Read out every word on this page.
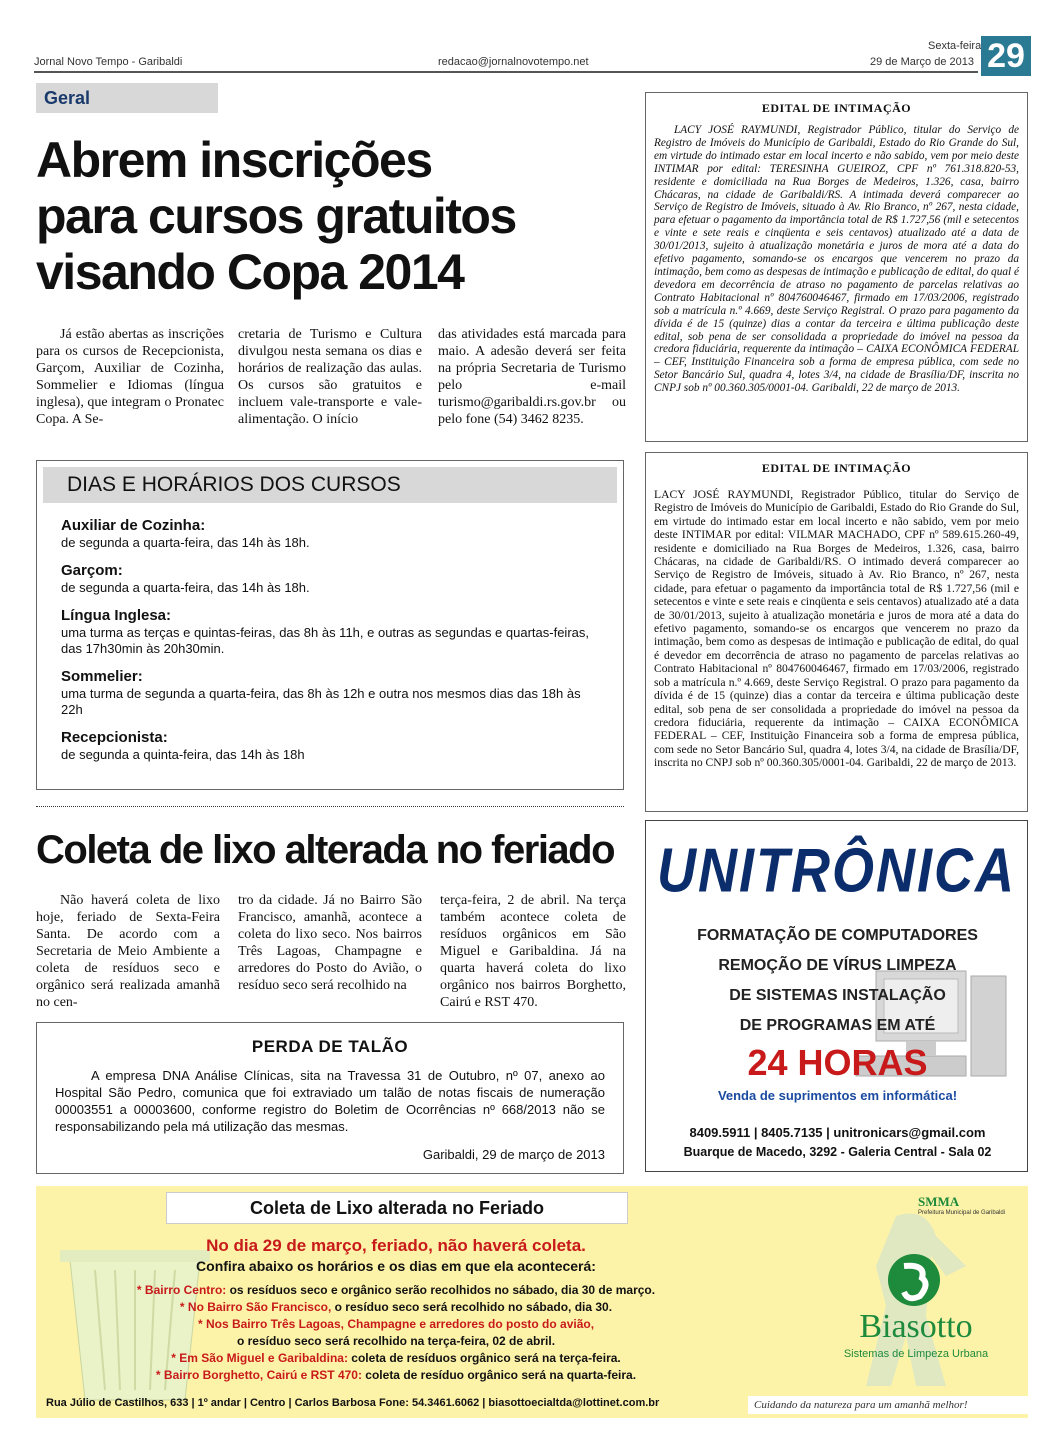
Jornal Novo Tempo - Garibaldi	redacao@jornalnovotempo.net
Sexta-feira
29 de Março de 2013 29
Geral
Abrem inscrições
para cursos gratuitos
visando Copa 2014

Já estão abertas as inscrições para os cursos de Recepcionista, Garçom, Auxiliar de Cozinha, Sommelier e Idiomas (língua inglesa), que integram o Pronatec Copa. A Se-

cretaria de Turismo e Cultura divulgou nesta semana os dias e horários de realização das aulas. Os cursos são gratuitos e incluem vale-transporte e vale-alimentação. O início

das atividades está marcada para maio. A adesão deverá ser feita na própria Secretaria de Turismo pelo e-mail turismo@garibaldi.rs.gov.br ou pelo fone (54) 3462 8235.

DIAS E HORÁRIOS DOS CURSOS
Auxiliar de Cozinha:
de segunda a quarta-feira, das 14h às 18h.
Garçom:
de segunda a quarta-feira, das 14h às 18h.
Língua Inglesa:
uma turma as terças e quintas-feiras, das 8h às 11h, e outras as segundas e quartas-feiras, das 17h30min às 20h30min.
Sommelier:
uma turma de segunda a quarta-feira, das 8h às 12h e outra nos mesmos dias das 18h às 22h
Recepcionista:
de segunda a quinta-feira, das 14h às 18h
Coleta de lixo alterada no feriado

Não haverá coleta de lixo hoje, feriado de Sexta-Feira Santa. De acordo com a Secretaria de Meio Ambiente a coleta de resíduos seco e orgânico será realizada amanhã no cen-

tro da cidade. Já no Bairro São Francisco, amanhã, acontece a coleta do lixo seco. Nos bairros Três Lagoas, Champagne e arredores do Posto do Avião, o resíduo seco será recolhido na

terça-feira, 2 de abril. Na terça também acontece coleta de resíduos orgânicos em São Miguel e Garibaldina. Já na quarta haverá coleta do lixo orgânico nos bairros Borghetto, Cairú e RST 470.

PERDA DE TALÃO
A empresa DNA Análise Clínicas, sita na Travessa 31 de Outubro, nº 07, anexo ao Hospital São Pedro, comunica que foi extraviado um talão de notas fiscais de numeração 00003551 a 00003600, conforme registro do Boletim de Ocorrências nº 668/2013 não se responsabilizando pela má utilização das mesmas.
Garibaldi, 29 de março de 2013
EDITAL DE INTIMAÇÃO
LACY JOSÉ RAYMUNDI, Registrador Público, titular do Serviço de Registro de Imóveis do Município de Garibaldi, Estado do Rio Grande do Sul, em virtude do intimado estar em local incerto e não sabido, vem por meio deste INTIMAR por edital: TERESINHA GUEIROZ, CPF nº 761.318.820-53, residente e domiciliada na Rua Borges de Medeiros, 1.326, casa, bairro Chácaras, na cidade de Garibaldi/RS. A intimada deverá comparecer ao Serviço de Registro de Imóveis, situado à Av. Rio Branco, nº 267, nesta cidade, para efetuar o pagamento da importância total de R$ 1.727,56 (mil e setecentos e vinte e sete reais e cinqüenta e seis centavos) atualizado até a data de 30/01/2013, sujeito à atualização monetária e juros de mora até a data do efetivo pagamento, somando-se os encargos que vencerem no prazo da intimação, bem como as despesas de intimação e publicação de edital, do qual é devedora em decorrência de atraso no pagamento de parcelas relativas ao Contrato Habitacional nº 804760046467, firmado em 17/03/2006, registrado sob a matrícula n.º 4.669, deste Serviço Registral. O prazo para pagamento da dívida é de 15 (quinze) dias a contar da terceira e última publicação deste edital, sob pena de ser consolidada a propriedade do imóvel na pessoa da credora fiduciária, requerente da intimação – CAIXA ECONÔMICA FEDERAL – CEF, Instituição Financeira sob a forma de empresa pública, com sede no Setor Bancário Sul, quadra 4, lotes 3/4, na cidade de Brasília/DF, inscrita no CNPJ sob nº 00.360.305/0001-04. Garibaldi, 22 de março de 2013.
EDITAL DE INTIMAÇÃO
LACY JOSÉ RAYMUNDI, Registrador Público, titular do Serviço de Registro de Imóveis do Município de Garibaldi, Estado do Rio Grande do Sul, em virtude do intimado estar em local incerto e não sabido, vem por meio deste INTIMAR por edital: VILMAR MACHADO, CPF nº 589.615.260-49, residente e domiciliado na Rua Borges de Medeiros, 1.326, casa, bairro Chácaras, na cidade de Garibaldi/RS. O intimado deverá comparecer ao Serviço de Registro de Imóveis, situado à Av. Rio Branco, nº 267, nesta cidade, para efetuar o pagamento da importância total de R$ 1.727,56 (mil e setecentos e vinte e sete reais e cinqüenta e seis centavos) atualizado até a data de 30/01/2013, sujeito à atualização monetária e juros de mora até a data do efetivo pagamento, somando-se os encargos que vencerem no prazo da intimação, bem como as despesas de intimação e publicação de edital, do qual é devedor em decorrência de atraso no pagamento de parcelas relativas ao Contrato Habitacional nº 804760046467, firmado em 17/03/2006, registrado sob a matrícula n.º 4.669, deste Serviço Registral. O prazo para pagamento da dívida é de 15 (quinze) dias a contar da terceira e última publicação deste edital, sob pena de ser consolidada a propriedade do imóvel na pessoa da credora fiduciária, requerente da intimação – CAIXA ECONÔMICA FEDERAL – CEF, Instituição Financeira sob a forma de empresa pública, com sede no Setor Bancário Sul, quadra 4, lotes 3/4, na cidade de Brasília/DF, inscrita no CNPJ sob nº 00.360.305/0001-04. Garibaldi, 22 de março de 2013.
UNITRÔNICA
FORMATAÇÃO DE COMPUTADORES
REMOÇÃO DE VÍRUS LIMPEZA
DE SISTEMAS INSTALAÇÃO
DE PROGRAMAS EM ATÉ
24 HORAS
Venda de suprimentos em informática!
8409.5911 | 8405.7135 | unitronicars@gmail.com
Buarque de Macedo, 3292 - Galeria Central - Sala 02
Coleta de Lixo alterada no Feriado
No dia 29 de março, feriado, não haverá coleta.
Confira abaixo os horários e os dias em que ela acontecerá:
* Bairro Centro: os resíduos seco e orgânico serão recolhidos no sábado, dia 30 de março.
* No Bairro São Francisco, o resíduo seco será recolhido no sábado, dia 30.
* Nos Bairro Três Lagoas, Champagne e arredores do posto do avião,
o resíduo seco será recolhido na terça-feira, 02 de abril.
* Em São Miguel e Garibaldina: coleta de resíduos orgânico será na terça-feira.
* Bairro Borghetto, Cairú e RST 470: coleta de resíduo orgânico será na quarta-feira.
SMMA
Prefeitura Municipal de Garibaldi
Biasotto
Sistemas de Limpeza Urbana
Rua Júlio de Castilhos, 633 | 1º andar | Centro | Carlos Barbosa Fone: 54.3461.6062 | biasottoecialtda@lottinet.com.br	Cuidando da natureza para um amanhã melhor!
